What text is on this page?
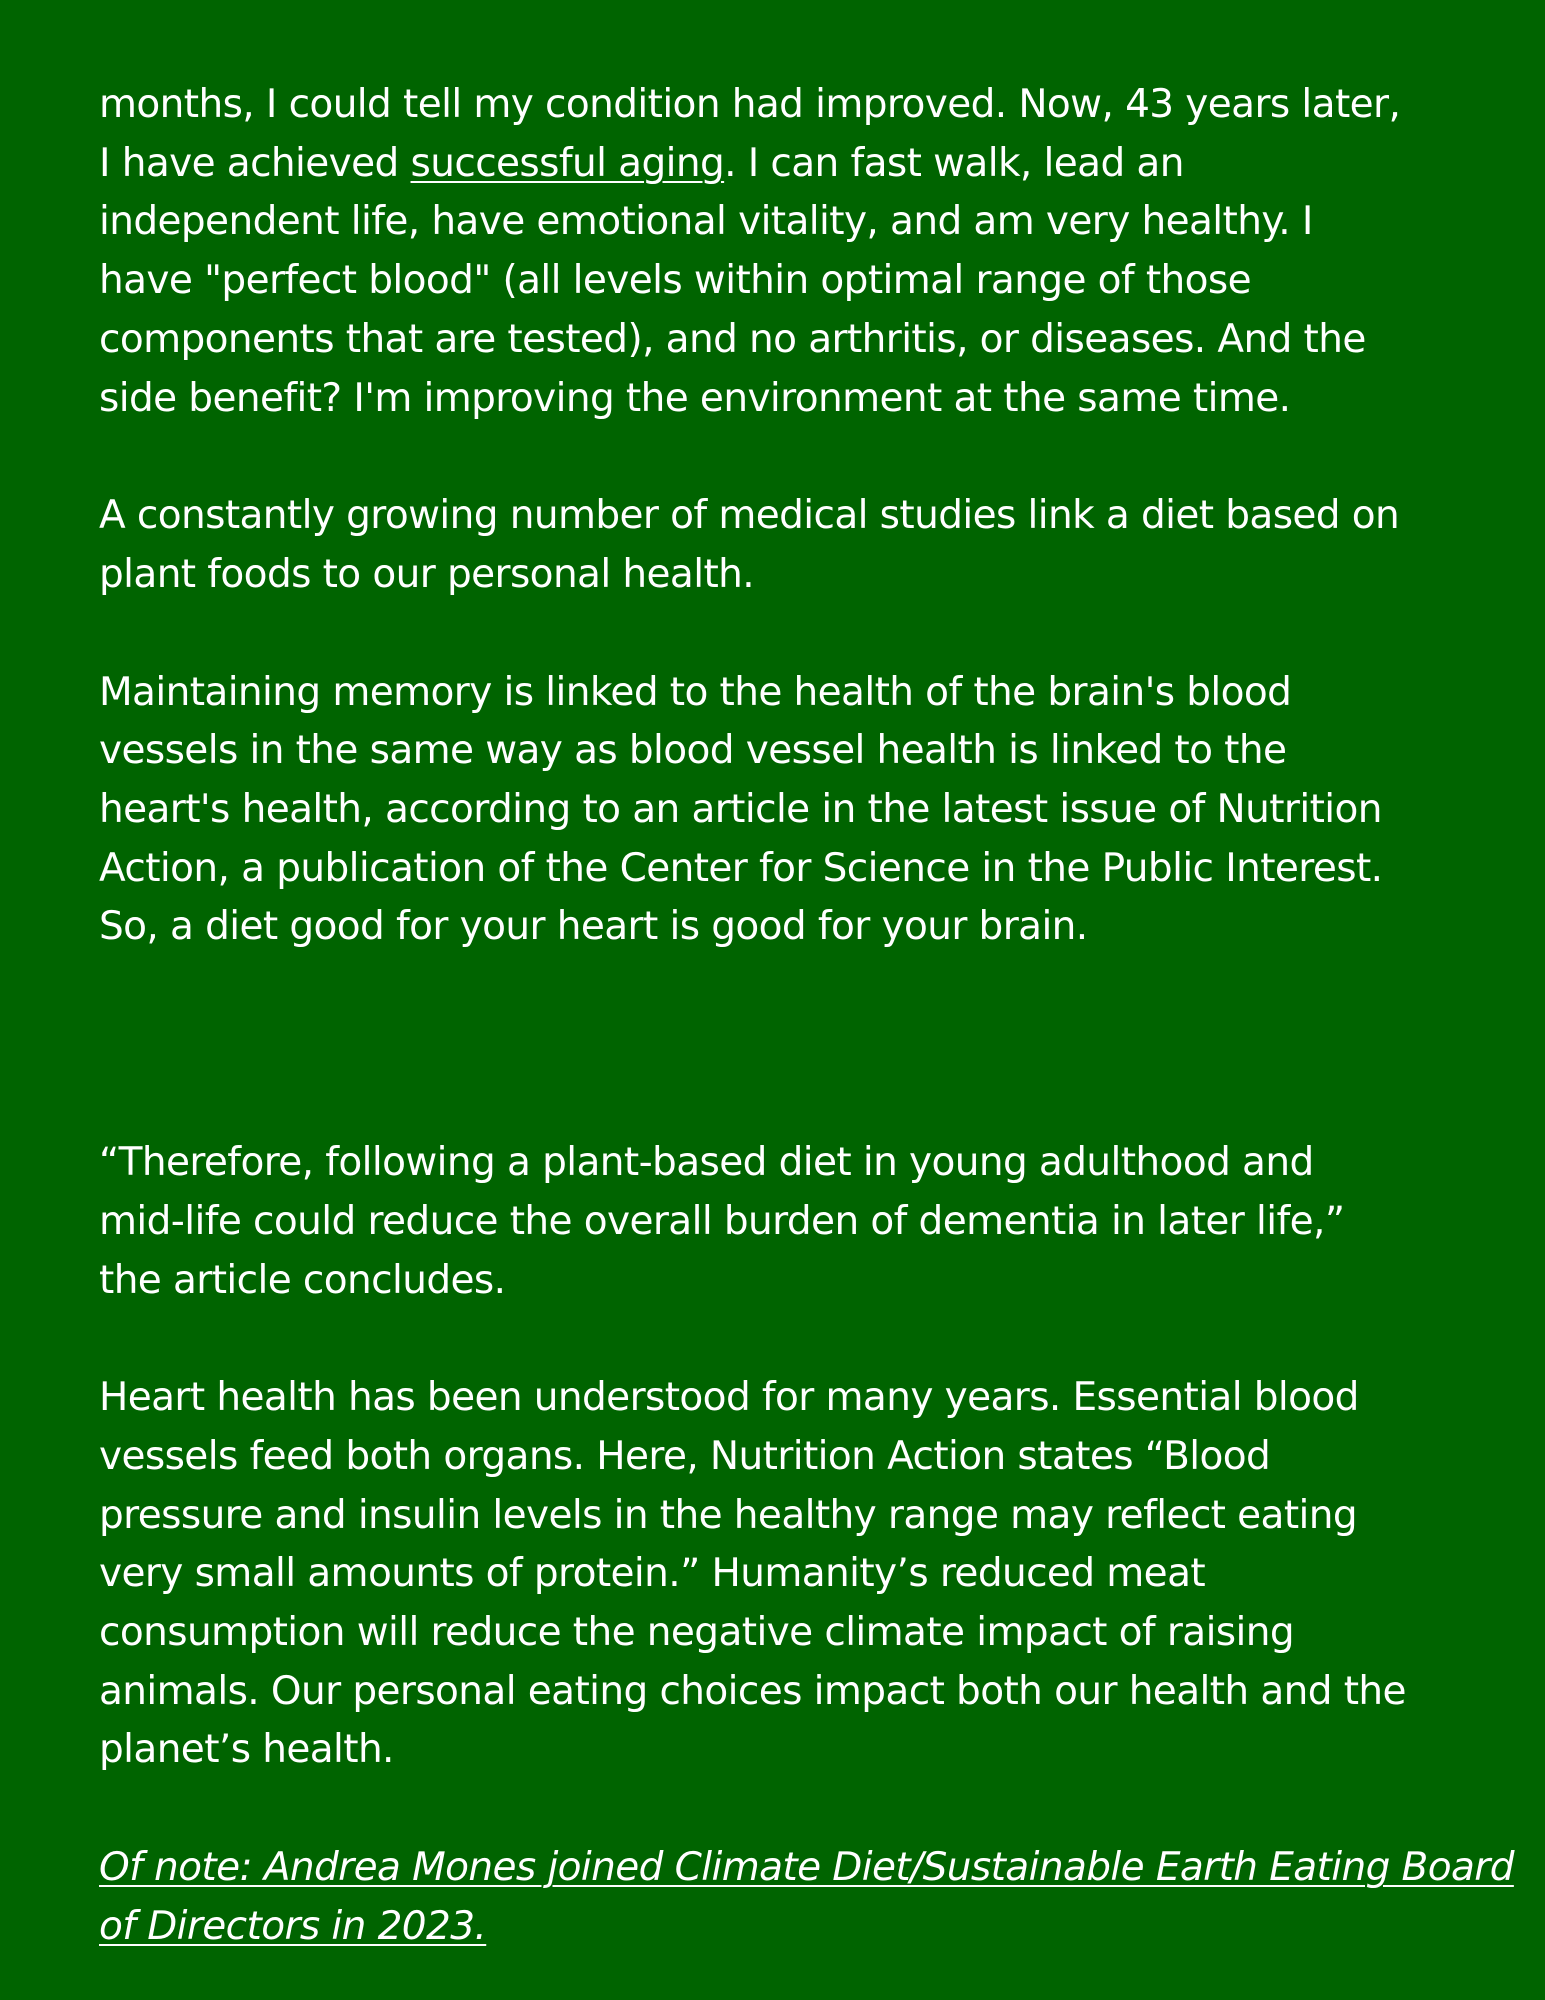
months, I could tell my condition had improved. Now, 43 years later,
I have achieved successful aging. I can fast walk, lead an
independent life, have emotional vitality, and am very healthy. I
have "perfect blood" (all levels within optimal range of those
components that are tested), and no arthritis, or diseases. And the
side benefit? I'm improving the environment at the same time.

A constantly growing number of medical studies link a diet based on
plant foods to our personal health.

Maintaining memory is linked to the health of the brain's blood
vessels in the same way as blood vessel health is linked to the
heart's health, according to an article in the latest issue of Nutrition
Action, a publication of the Center for Science in the Public Interest.
So, a diet good for your heart is good for your brain.

“Therefore, following a plant-based diet in young adulthood and
mid-life could reduce the overall burden of dementia in later life,”
the article concludes.

Heart health has been understood for many years. Essential blood
vessels feed both organs. Here, Nutrition Action states “Blood
pressure and insulin levels in the healthy range may reflect eating
very small amounts of protein.” Humanity’s reduced meat
consumption will reduce the negative climate impact of raising
animals. Our personal eating choices impact both our health and the
planet’s health.

Of note: Andrea Mones joined Climate Diet/Sustainable Earth Eating Board
of Directors in 2023.
